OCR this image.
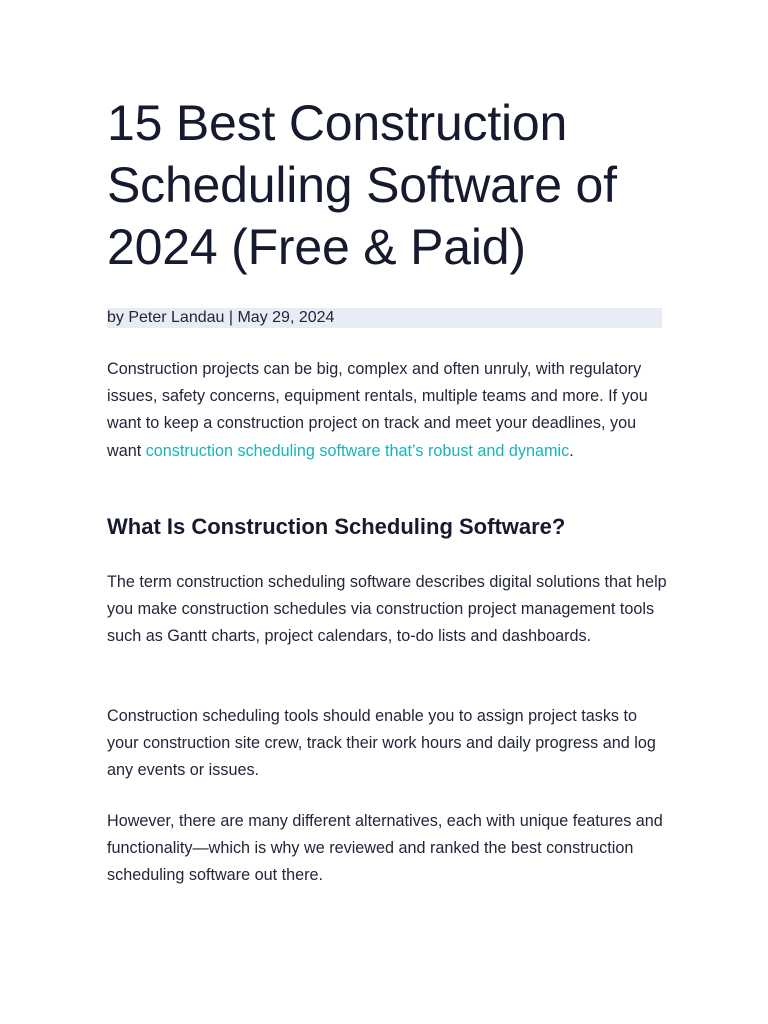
15 Best Construction Scheduling Software of 2024 (Free & Paid)
by Peter Landau | May 29, 2024

Construction projects can be big, complex and often unruly, with regulatory issues, safety concerns, equipment rentals, multiple teams and more. If you want to keep a construction project on track and meet your deadlines, you want construction scheduling software that’s robust and dynamic.

What Is Construction Scheduling Software?

The term construction scheduling software describes digital solutions that help you make construction schedules via construction project management tools such as Gantt charts, project calendars, to-do lists and dashboards.

Construction scheduling tools should enable you to assign project tasks to your construction site crew, track their work hours and daily progress and log any events or issues.

However, there are many different alternatives, each with unique features and functionality—which is why we reviewed and ranked the best construction scheduling software out there.
